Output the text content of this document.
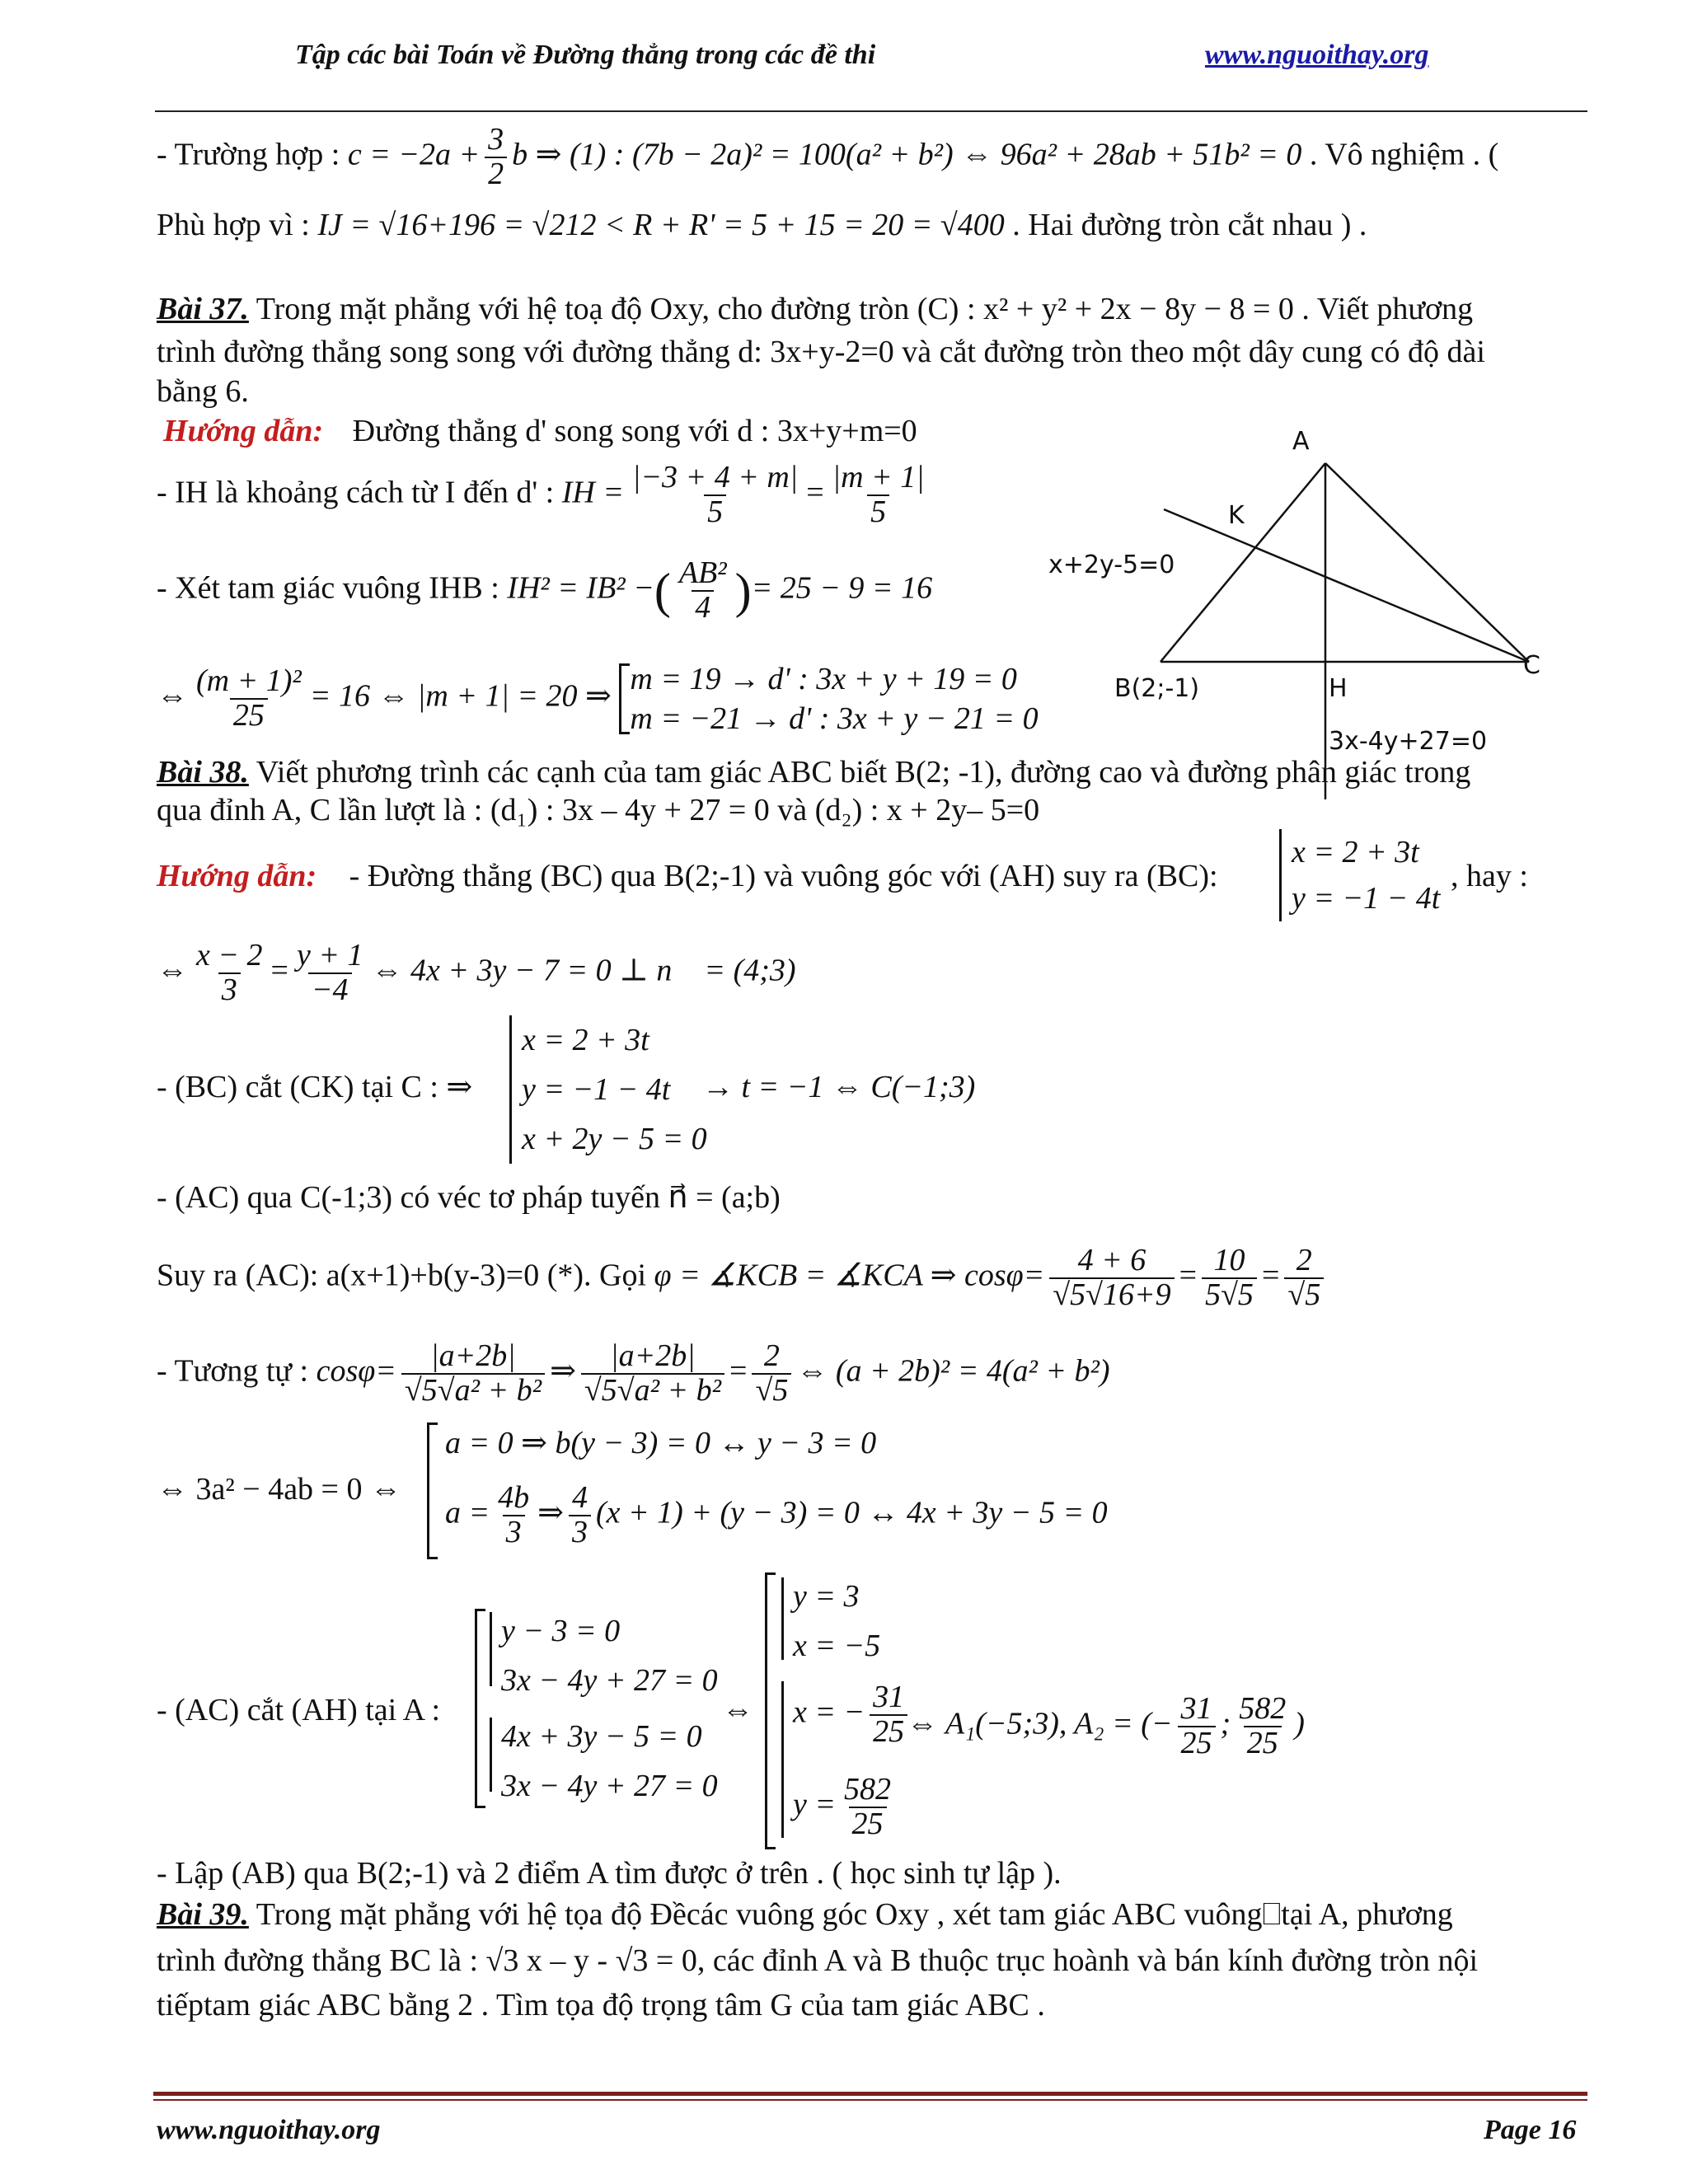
Tập các bài Toán về Đường thẳng trong các đề thi	www.nguoithay.org
- Trường hợp : $c = -2a + \frac{3}{2}$ b ⇒ (1) : (7b − 2a)² = 100(a² + b²) ⇔ 96a² + 28ab + 51b² = 0 . Vô nghiệm . (
Phù hợp vì : IJ = √16+196 = √212 < R + R' = 5 + 15 = 20 = √400 . Hai đường tròn cắt nhau ) .
Bài 37. Trong mặt phẳng với hệ toạ độ Oxy, cho đường tròn (C) : x² + y² + 2x − 8y − 8 = 0 . Viết phương
trình đường thẳng song song với đường thẳng d: 3x+y-2=0 và cắt đường tròn theo một dây cung có độ dài
bằng 6.
Hướng dẫn: Đường thẳng d' song song với d : 3x+y+m=0
- IH là khoảng cách từ I đến d' : IH = $\frac{|-3 + 4 + m|}{5} = \frac{|m + 1|}{5}$
- Xét tam giác vuông IHB : IH² = IB² −( $\frac{\text{AB²}}{4}$ )= 25 − 9 = 16
⇔ $\frac{\text{(m + 1)²}}{25} = 16$ ⇔ |m + 1| = 20 ⇒ m = 19 → d' : 3x + y + 19 = 0
m = −21 → d' : 3x + y − 21 = 0
A
K
x+2y-5=0
C
B(2;-1)	H
3x-4y+27=0
Bài 38. Viết phương trình các cạnh của tam giác ABC biết B(2; -1), đường cao và đường phân giác trong
qua đỉnh A, C lần lượt là : (d₁) : 3x – 4y + 27 = 0 và (d₂) : x + 2y– 5=0
Hướng dẫn: - Đường thẳng (BC) qua B(2;-1) và vuông góc với (AH) suy ra (BC):
x = 2 + 3t
y = −1 − 4t
, hay :
⇔ $\frac{x - 2}{3} = \frac{y + 1}{-4}$ ⇔ 4x + 3y − 7 = 0 ⊥ n⃗ = (4;3)
- (BC) cắt (CK) tại C : ⇒
x = 2 + 3t
y = −1 − 4t
x + 2y − 5 = 0
→ t = −1 ⇔ C(−1;3)
- (AC) qua C(-1;3) có véc tơ pháp tuyến n⃗ = (a;b)
Suy ra (AC): a(x+1)+b(y-3)=0 (*). Gọi φ = ∡KCB = ∡KCA ⇒ $\cos\varphi= \frac{4 + 6}{√5√16+9} = \frac{10}{5√5} = \frac{2}{√5}$
- Tương tự : $\cos\varphi= \frac{|a+2b|}{\text{√5√a² + b²}}$ ⇒ $\frac{|a+2b|}{\text{√5√a² + b²}} = \frac{2}{√5}$ ⇔ (a + 2b)² = 4(a² + b²)
⇔ 3a² − 4ab = 0 ⇔
a = 0 ⇒ b(y − 3) = 0 ↔ y − 3 = 0
$a = \frac{4b}{3}$ ⇒ $\frac{4}{3} (x + 1) + (y - 3) = 0$ ↔ 4x + 3y − 5 = 0
- (AC) cắt (AH) tại A :
y − 3 = 0
3x − 4y + 27 = 0
4x + 3y − 5 = 0
3x − 4y + 27 = 0
⇔
y = 3
x = −5
x = − $\frac{31}{25}$
$y = \frac{582}{25}$
⇔ A₁(−5;3), A₂ = (− $\frac{31}{25}$ ; $\frac{582}{25}$ )
- Lập (AB) qua B(2;-1) và 2 điểm A tìm được ở trên . ( học sinh tự lập ).
Bài 39. Trong mặt phẳng với hệ tọa độ Đềcác vuông góc Oxy , xét tam giác ABC vuông⎕tại A, phương
trình đường thẳng BC là : √3 x – y - √3 = 0, các đỉnh A và B thuộc trục hoành và bán kính đường tròn nội
tiếptam giác ABC bằng 2 . Tìm tọa độ trọng tâm G của tam giác ABC .
www.nguoithay.org	Page 16
